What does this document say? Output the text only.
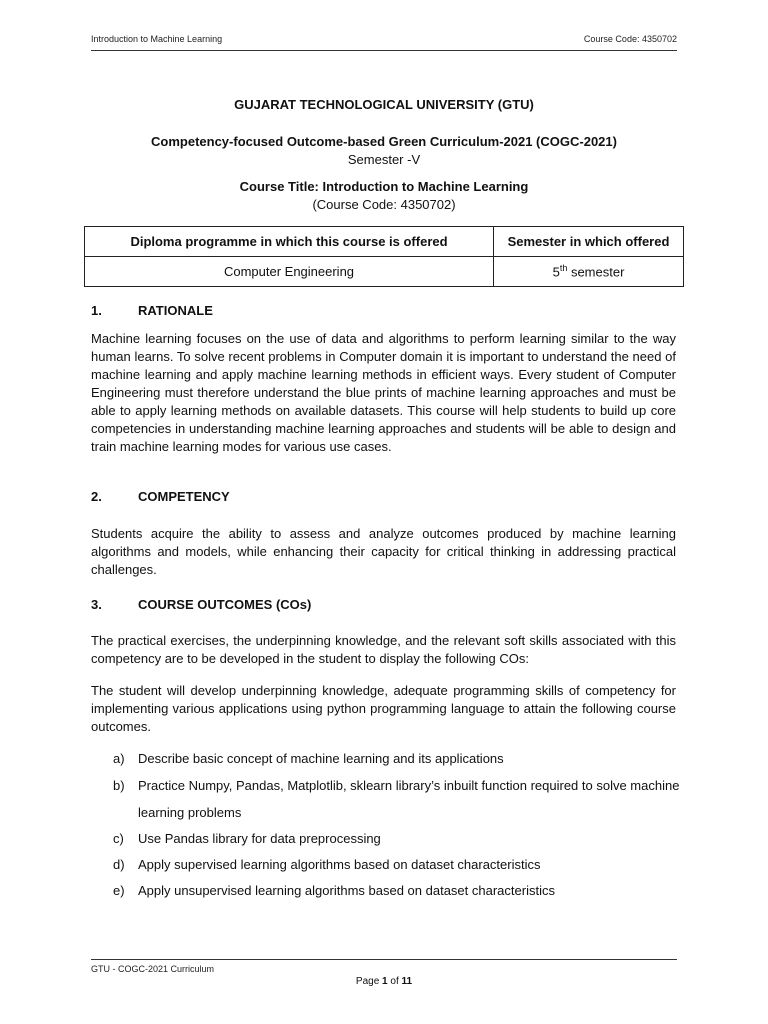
Introduction to Machine Learning	Course Code: 4350702
GUJARAT TECHNOLOGICAL UNIVERSITY (GTU)
Competency-focused Outcome-based Green Curriculum-2021 (COGC-2021)
Semester -V
Course Title: Introduction to Machine Learning
(Course Code: 4350702)
Diploma programme in which this course is offered	Semester in which offered
Computer Engineering	5th semester
1.	RATIONALE
Machine learning focuses on the use of data and algorithms to perform learning similar to the way human learns. To solve recent problems in Computer domain it is important to understand the need of machine learning and apply machine learning methods in efficient ways. Every student of Computer Engineering must therefore understand the blue prints of machine learning approaches and must be able to apply learning methods on available datasets. This course will help students to build up core competencies in understanding machine learning approaches and students will be able to design and train machine learning modes for various use cases.
2.	COMPETENCY
Students acquire the ability to assess and analyze outcomes produced by machine learning algorithms and models, while enhancing their capacity for critical thinking in addressing practical challenges.
3.	COURSE OUTCOMES (COs)
The practical exercises, the underpinning knowledge, and the relevant soft skills associated with this competency are to be developed in the student to display the following COs:
The student will develop underpinning knowledge, adequate programming skills of competency for implementing various applications using python programming language to attain the following course outcomes.
a) Describe basic concept of machine learning and its applications
b) Practice Numpy, Pandas, Matplotlib, sklearn library’s inbuilt function required to solve machine learning problems
c) Use Pandas library for data preprocessing
d) Apply supervised learning algorithms based on dataset characteristics
e) Apply unsupervised learning algorithms based on dataset characteristics
GTU - COGC-2021 Curriculum
Page 1 of 11
